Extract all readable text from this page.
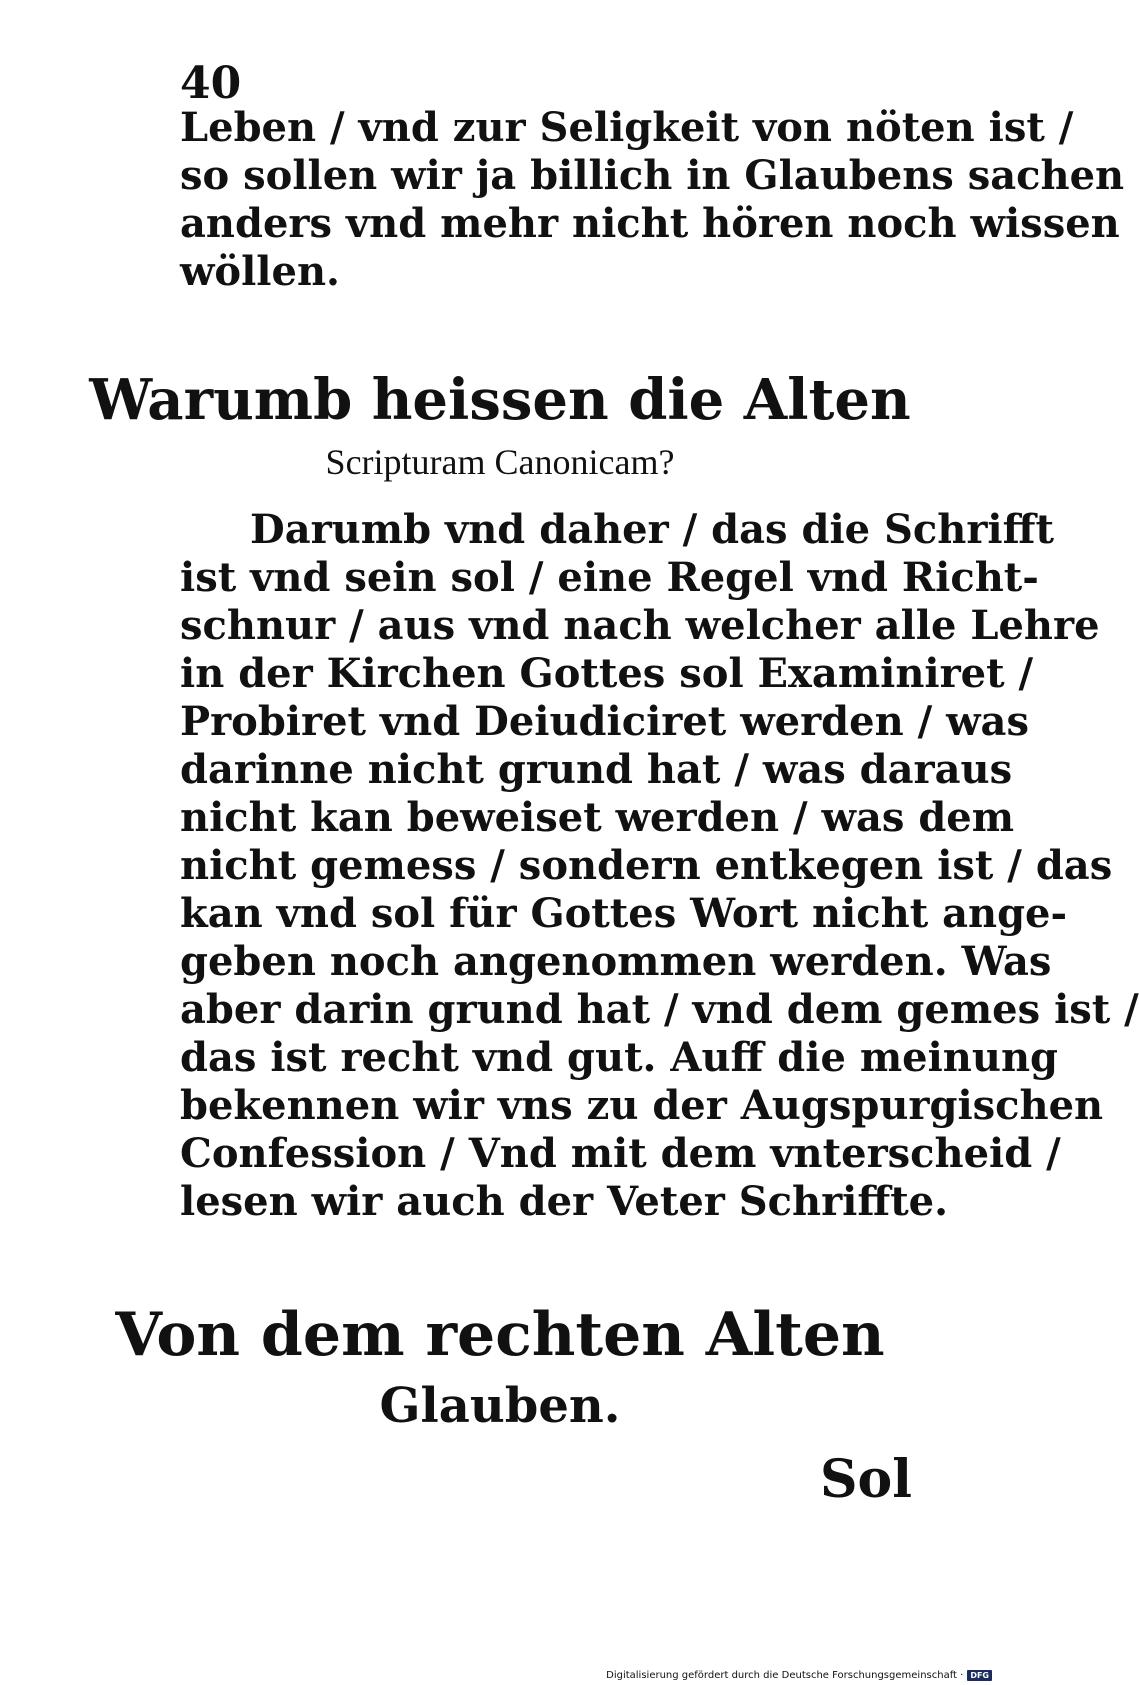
40
Leben / vnd zur Seligkeit von nöten ist /
so sollen wir ja billich in Glaubens sachen
anders vnd mehr nicht hören noch wissen
wöllen.
Warumb heissen die Alten
Scripturam Canonicam?
Darumb vnd daher / das die Schrifft
ist vnd sein sol / eine Regel vnd Richt-
schnur / aus vnd nach welcher alle Lehre
in der Kirchen Gottes sol Examiniret /
Probiret vnd Deiudiciret werden / was
darinne nicht grund hat / was daraus
nicht kan beweiset werden / was dem
nicht gemess / sondern entkegen ist / das
kan vnd sol für Gottes Wort nicht ange-
geben noch angenommen werden. Was
aber darin grund hat / vnd dem gemes ist /
das ist recht vnd gut. Auff die meinung
bekennen wir vns zu der Augspurgischen
Confession / Vnd mit dem vnterscheid /
lesen wir auch der Veter Schriffte.
Von dem rechten Alten
Glauben.
Sol
Digitalisierung gefördert durch die Deutsche Forschungsgemeinschaft · DFG
